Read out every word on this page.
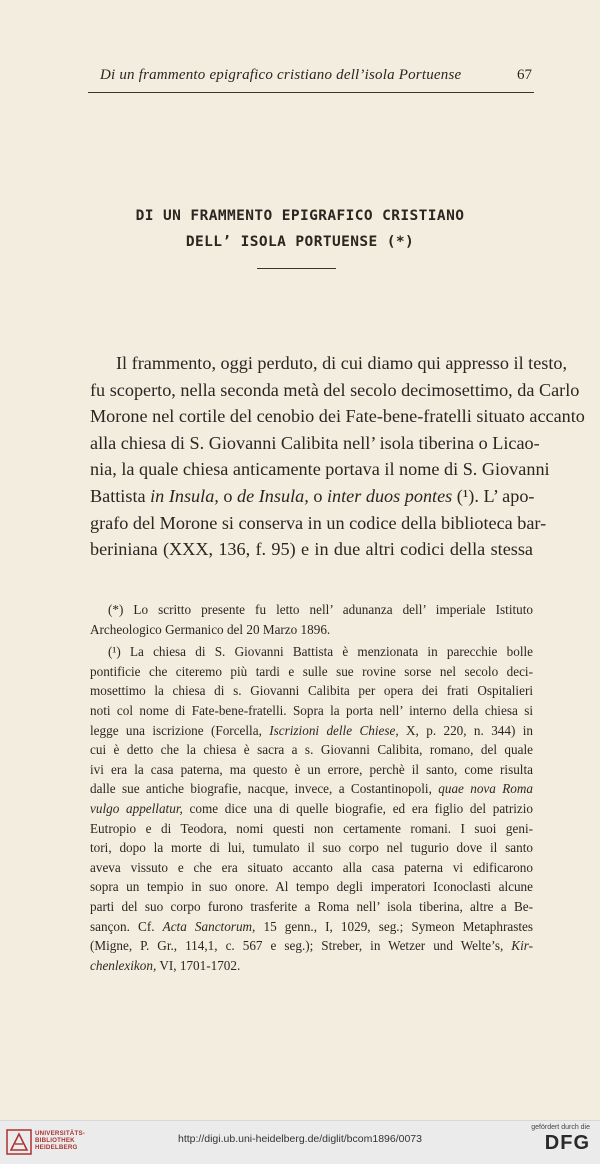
Di un frammento epigrafico cristiano dell’isola Portuense	67
DI UN FRAMMENTO EPIGRAFICO CRISTIANO
DELL’ ISOLA PORTUENSE (*)
Il frammento, oggi perduto, di cui diamo qui appresso il testo,
fu scoperto, nella seconda metà del secolo decimosettimo, da Carlo
Morone nel cortile del cenobio dei Fate-bene-fratelli situato accanto
alla chiesa di S. Giovanni Calibita nell’ isola tiberina o Licao-
nia, la quale chiesa anticamente portava il nome di S. Giovanni
Battista in Insula, o de Insula, o inter duos pontes (¹). L’ apo-
grafo del Morone si conserva in un codice della biblioteca bar-
beriniana (XXX, 136, f. 95) e in due altri codici della stessa
(*) Lo scritto presente fu letto nell’ adunanza dell’ imperiale Istituto
Archeologico Germanico del 20 Marzo 1896.
(¹) La chiesa di S. Giovanni Battista è menzionata in parecchie bolle
pontificie che citeremo più tardi e sulle sue rovine sorse nel secolo deci-
mosettimo la chiesa di s. Giovanni Calibita per opera dei frati Ospitalieri
noti col nome di Fate-bene-fratelli. Sopra la porta nell’ interno della chiesa si
legge una iscrizione (Forcella, Iscrizioni delle Chiese, X, p. 220, n. 344) in
cui è detto che la chiesa è sacra a s. Giovanni Calibita, romano, del quale
ivi era la casa paterna, ma questo è un errore, perchè il santo, come risulta
dalle sue antiche biografie, nacque, invece, a Costantinopoli, quae nova Roma
vulgo appellatur, come dice una di quelle biografie, ed era figlio del patrizio
Eutropio e di Teodora, nomi questi non certamente romani. I suoi geni-
tori, dopo la morte di lui, tumulato il suo corpo nel tugurio dove il santo
aveva vissuto e che era situato accanto alla casa paterna vi edificarono
sopra un tempio in suo onore. Al tempo degli imperatori Iconoclasti alcune
parti del suo corpo furono trasferite a Roma nell’ isola tiberina, altre a Be-
sançon. Cf. Acta Sanctorum, 15 genn., I, 1029, seg.; Symeon Metaphrastes
(Migne, P. Gr., 114,1, c. 567 e seg.); Streber, in Wetzer und Welte’s, Kir-
chenlexikon, VI, 1701-1702.
UNIVERSITÄTS- BIBLIOTHEK HEIDELBERG
http://digi.ub.uni-heidelberg.de/diglit/bcom1896/0073
gefördert durch die
DFG
